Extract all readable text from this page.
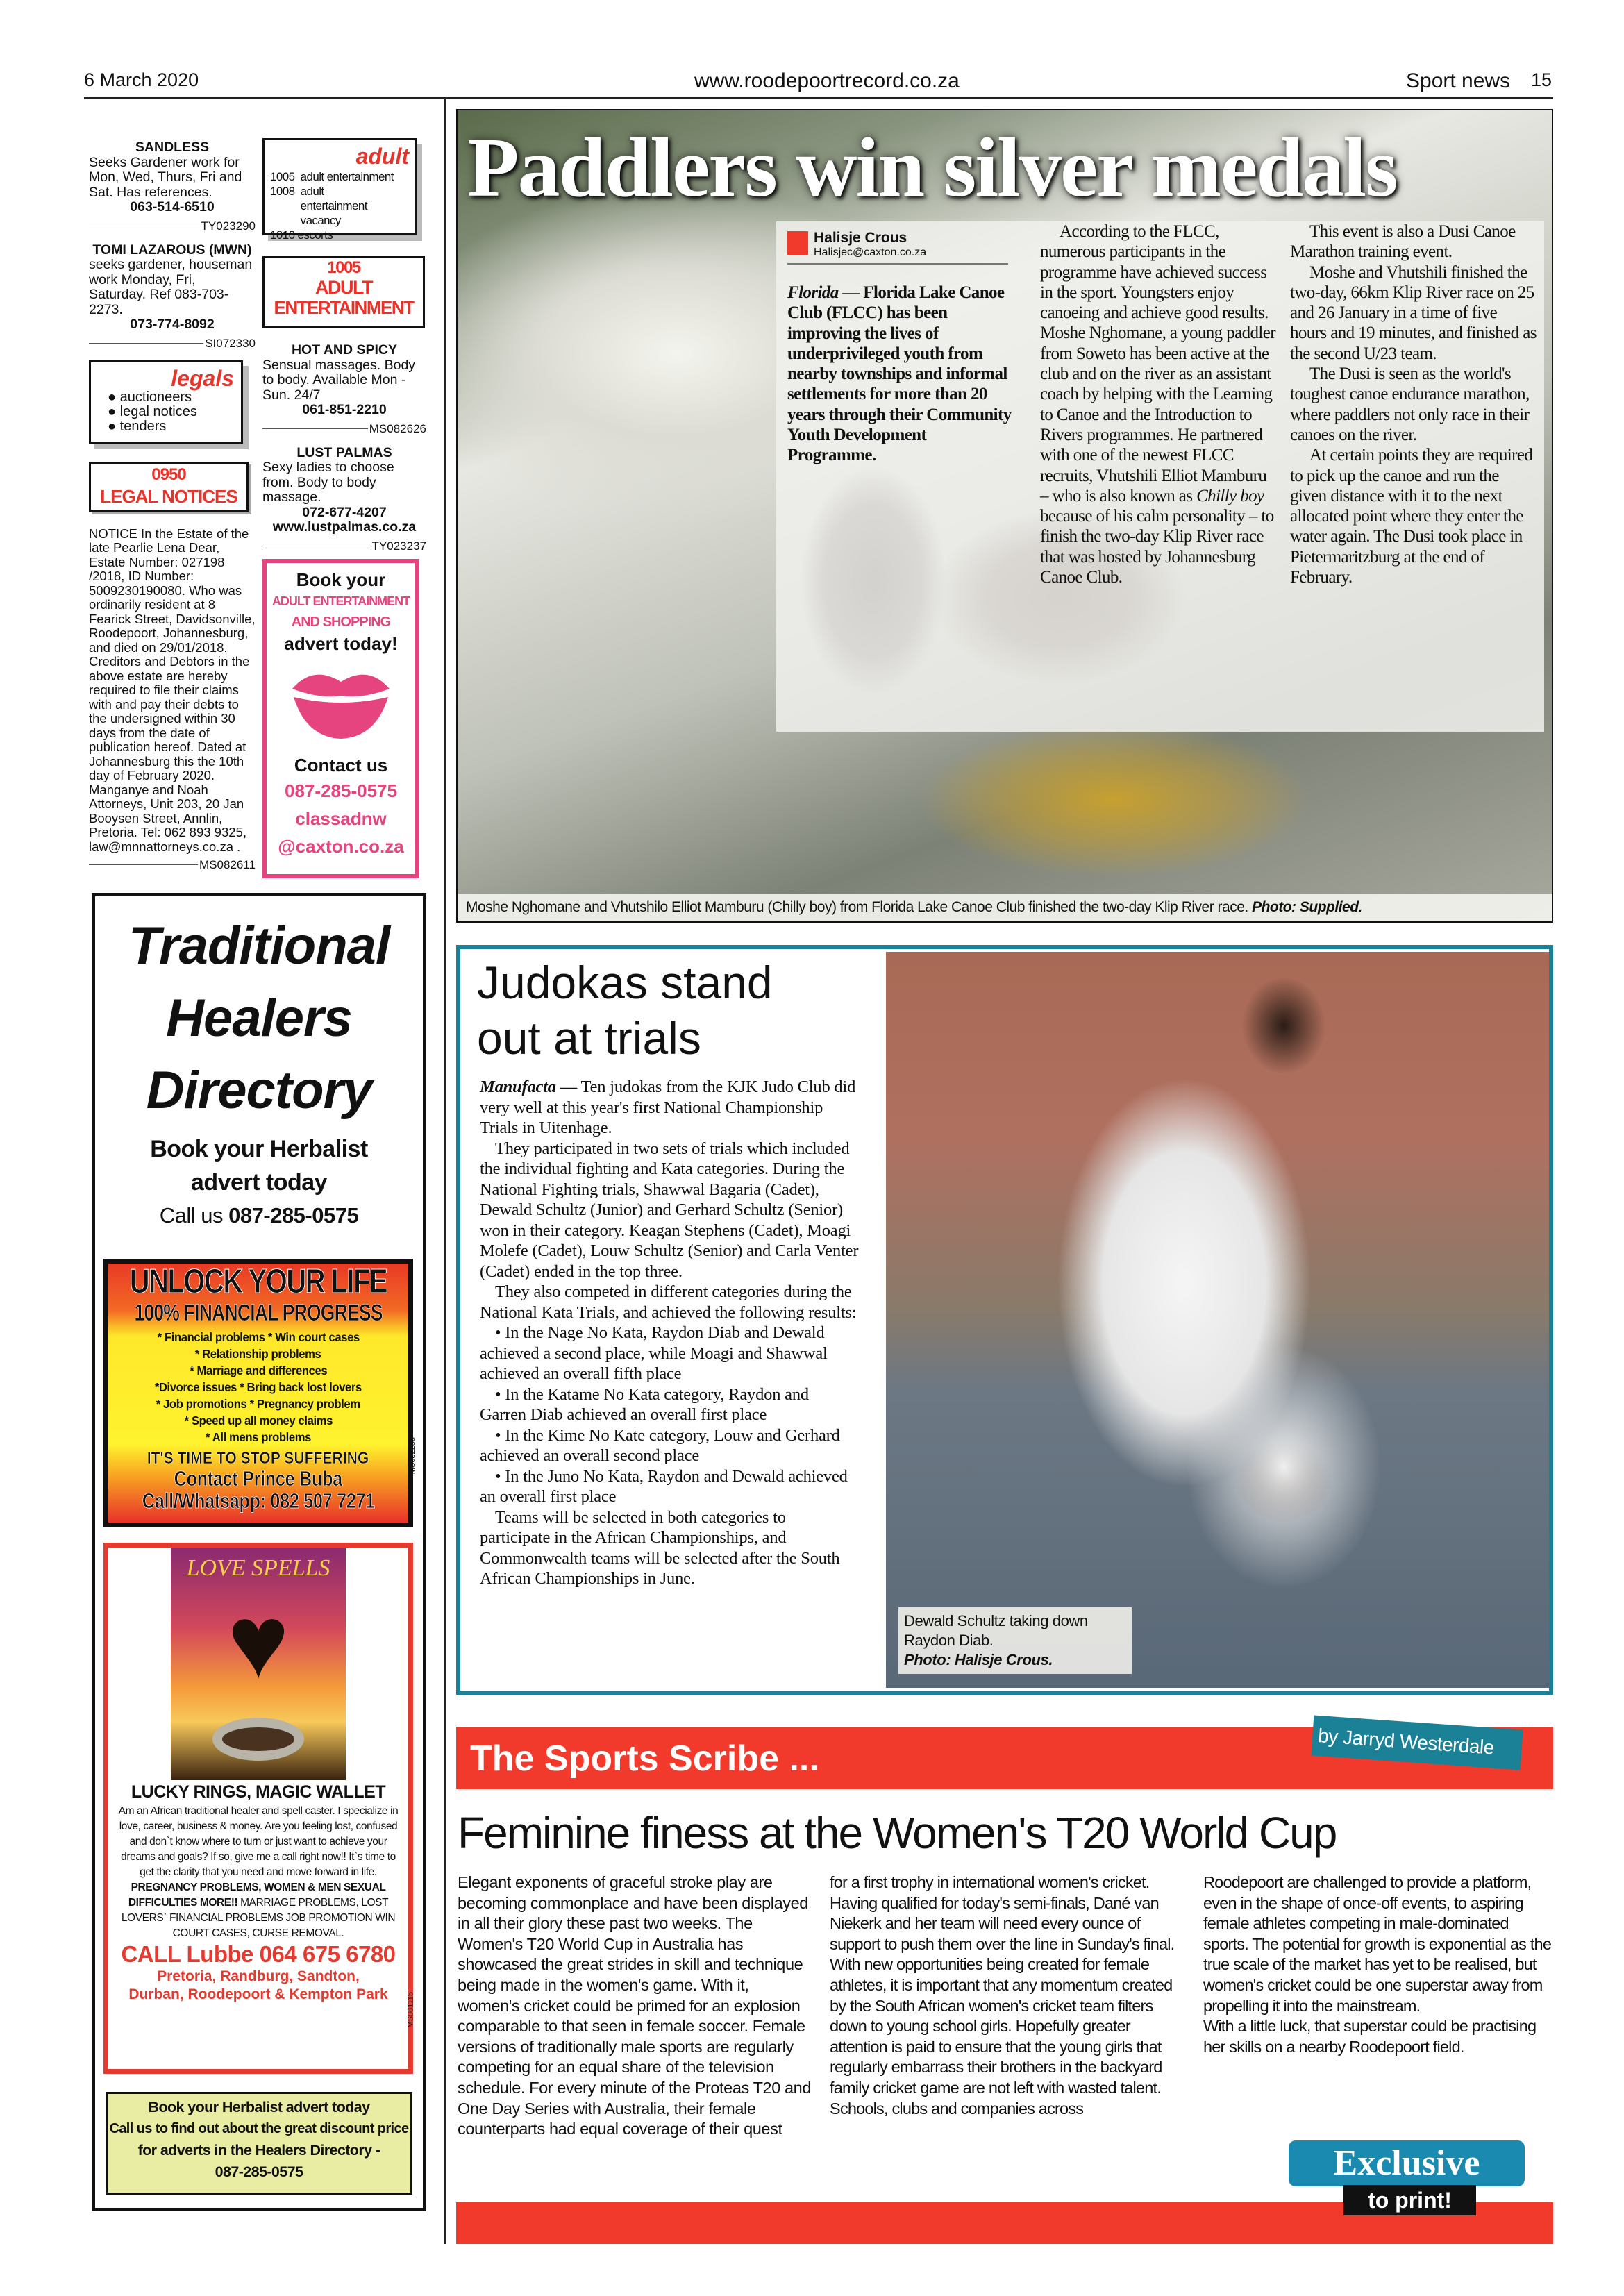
6 March 2020	www.roodepoortrecord.co.za	Sport news 15
SANDLESS
Seeks Gardener work for Mon, Wed, Thurs, Fri and Sat. Has references.
063-514-6510
TY023290
TOMI LAZAROUS (MWN)
seeks gardener, houseman work Monday, Fri, Saturday. Ref 083-703-2273.
073-774-8092
SI072330
legals
● auctioneers
● legal notices
● tenders
0950
LEGAL NOTICES
NOTICE In the Estate of the late Pearlie Lena Dear, Estate Number: 027198 /2018, ID Number: 5009230190080. Who was ordinarily resident at 8 Fearick Street, Davidsonville, Roodepoort, Johannesburg, and died on 29/01/2018. Creditors and Debtors in the above estate are hereby required to file their claims with and pay their debts to the undersigned within 30 days from the date of publication hereof. Dated at Johannesburg this the 10th day of February 2020. Manganye and Noah Attorneys, Unit 203, 20 Jan Booysen Street, Annlin, Pretoria. Tel: 062 893 9325, law@mnnattorneys.co.za .
MS082611
adult
1005 adult entertainment
1008
adult entertainment vacancy
1010 escorts
1005
ADULT
ENTERTAINMENT
HOT AND SPICY
Sensual massages. Body to body. Available Mon - Sun. 24/7
061-851-2210
MS082626
LUST PALMAS
Sexy ladies to choose from. Body to body massage.
072-677-4207
www.lustpalmas.co.za
TY023237
Book your
ADULT ENTERTAINMENT
AND SHOPPING
advert today!
Contact us
087-285-0575
classadnw
@caxton.co.za
Traditional
Healers
Directory
Book your Herbalist
advert today
Call us 087-285-0575
UNLOCK YOUR LIFE
100% FINANCIAL PROGRESS
* Financial problems * Win court cases
* Relationship problems
* Marriage and differences
*Divorce issues * Bring back lost lovers
* Job promotions * Pregnancy problem
* Speed up all money claims
* All mens problems
IT'S TIME TO STOP SUFFERING
Contact Prince Buba
Call/Whatsapp: 082 507 7271
MS082253
LOVE SPELLS
♥
LUCKY RINGS, MAGIC WALLET
Am an African traditional healer and spell caster. I specialize in love, career, business & money. Are you feeling lost, confused and don`t know where to turn or just want to achieve your dreams and goals? If so, give me a call right now!! It`s time to get the clarity that you need and move forward in life.
PREGNANCY PROBLEMS, WOMEN & MEN SEXUAL DIFFICULTIES MORE!! MARRIAGE PROBLEMS, LOST LOVERS` FINANCIAL PROBLEMS JOB PROMOTION WIN COURT CASES, CURSE REMOVAL.
CALL Lubbe 064 675 6780
Pretoria, Randburg, Sandton,
Durban, Roodepoort & Kempton Park	MS081115
Book your Herbalist advert today
Call us to find out about the great discount price
for adverts in the Healers Directory -
087-285-0575
Paddlers win silver medals
Halisje Crous
Halisjec@caxton.co.za
Florida — Florida Lake Canoe Club (FLCC) has been improving the lives of underprivileged youth from nearby townships and informal settlements for more than 20 years through their Community Youth Development Programme.

According to the FLCC, numerous participants in the programme have achieved success in the sport. Youngsters enjoy canoeing and achieve good results.

Moshe Nghomane, a young paddler from Soweto has been active at the club and on the river as an assistant coach by helping with the Learning to Canoe and the Introduction to Rivers programmes. He partnered with one of the newest FLCC recruits, Vhutshili Elliot Mamburu – who is also known as Chilly boy because of his calm personality – to finish the two-day Klip River race that was hosted by Johannesburg Canoe Club.

This event is also a Dusi Canoe Marathon training event.

Moshe and Vhutshili finished the two-day, 66km Klip River race on 25 and 26 January in a time of five hours and 19 minutes, and finished as the second U/23 team.

The Dusi is seen as the world's toughest canoe endurance marathon, where paddlers not only race in their canoes on the river.

At certain points they are required to pick up the canoe and run the given distance with it to the next allocated point where they enter the water again. The Dusi took place in Pietermaritzburg at the end of February.

Moshe Nghomane and Vhutshilo Elliot Mamburu (Chilly boy) from Florida Lake Canoe Club finished the two-day Klip River race. Photo: Supplied.
Judokas stand
out at trials

Manufacta — Ten judokas from the KJK Judo Club did very well at this year's first National Championship Trials in Uitenhage.

They participated in two sets of trials which included the individual fighting and Kata categories. During the National Fighting trials, Shawwal Bagaria (Cadet), Dewald Schultz (Junior) and Gerhard Schultz (Senior) won in their category. Keagan Stephens (Cadet), Moagi Molefe (Cadet), Louw Schultz (Senior) and Carla Venter (Cadet) ended in the top three.

They also competed in different categories during the National Kata Trials, and achieved the following results:

• In the Nage No Kata, Raydon Diab and Dewald achieved a second place, while Moagi and Shawwal achieved an overall fifth place

• In the Katame No Kata category, Raydon and Garren Diab achieved an overall first place

• In the Kime No Kate category, Louw and Gerhard achieved an overall second place

• In the Juno No Kata, Raydon and Dewald achieved an overall first place

Teams will be selected in both categories to participate in the African Championships, and Commonwealth teams will be selected after the South African Championships in June.

Dewald Schultz taking down Raydon Diab.
Photo: Halisje Crous.
The Sports Scribe ...	by Jarryd Westerdale
Feminine finess at the Women's T20 World Cup

Elegant exponents of graceful stroke play are becoming commonplace and have been displayed in all their glory these past two weeks. The Women's T20 World Cup in Australia has showcased the great strides in skill and technique being made in the women's game. With it, women's cricket could be primed for an explosion comparable to that seen in female soccer. Female versions of traditionally male sports are regularly competing for an equal share of the television schedule. For every minute of the Proteas T20 and One Day Series with Australia, their female counterparts had equal coverage of their quest

for a first trophy in international women's cricket. Having qualified for today's semi-finals, Dané van Niekerk and her team will need every ounce of support to push them over the line in Sunday's final.

With new opportunities being created for female athletes, it is important that any momentum created by the South African women's cricket team filters down to young school girls. Hopefully greater attention is paid to ensure that the young girls that regularly embarrass their brothers in the backyard family cricket game are not left with wasted talent.

Schools, clubs and companies across

Roodepoort are challenged to provide a platform, even in the shape of once-off events, to aspiring female athletes competing in male-dominated sports. The potential for growth is exponential as the true scale of the market has yet to be realised, but women's cricket could be one superstar away from propelling it into the mainstream.

With a little luck, that superstar could be practising her skills on a nearby Roodepoort field.

Exclusive
to print!
